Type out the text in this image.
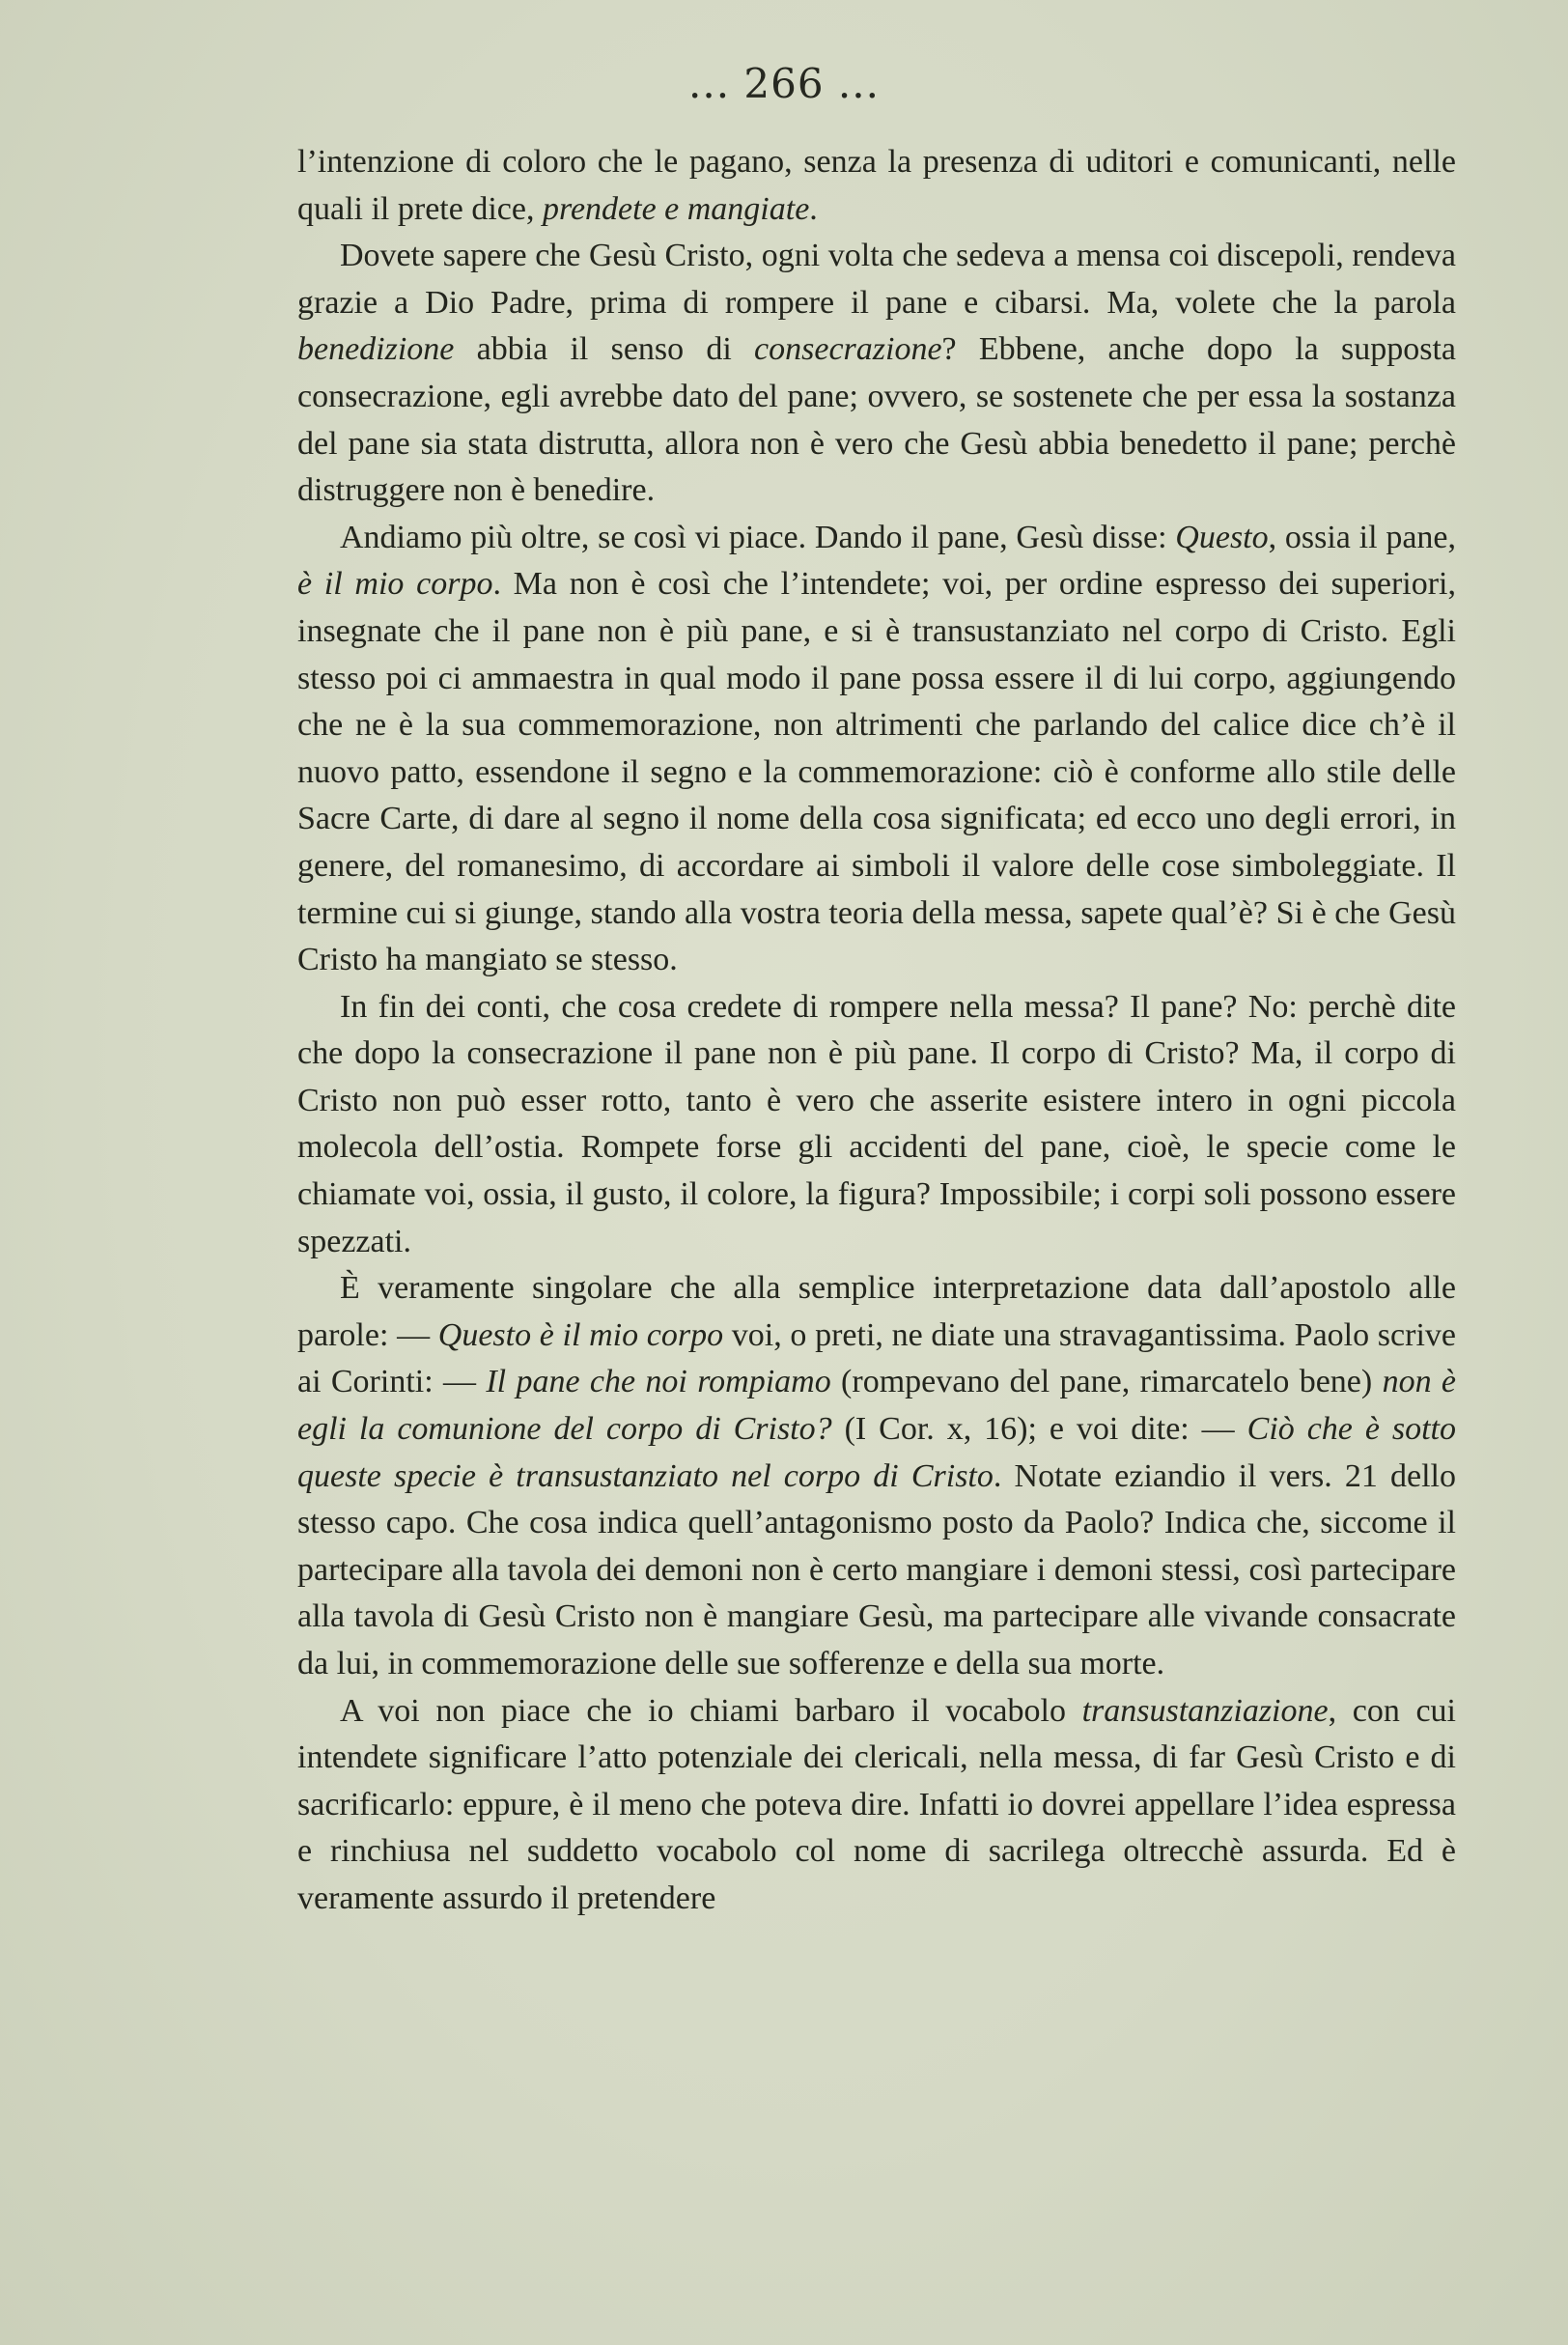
... 266 ...

l’intenzione di coloro che le pagano, senza la presenza di uditori e comunicanti, nelle quali il prete dice, prendete e mangiate.

Dovete sapere che Gesù Cristo, ogni volta che sedeva a mensa coi discepoli, rendeva grazie a Dio Padre, prima di rompere il pane e cibarsi. Ma, volete che la parola benedizione abbia il senso di consecrazione? Ebbene, anche dopo la supposta consecrazione, egli avrebbe dato del pane; ovvero, se sostenete che per essa la sostanza del pane sia stata distrutta, allora non è vero che Gesù abbia benedetto il pane; perchè distruggere non è benedire.

Andiamo più oltre, se così vi piace. Dando il pane, Gesù disse: Questo, ossia il pane, è il mio corpo. Ma non è così che l’intendete; voi, per ordine espresso dei superiori, insegnate che il pane non è più pane, e si è transustanziato nel corpo di Cristo. Egli stesso poi ci ammaestra in qual modo il pane possa essere il di lui corpo, aggiungendo che ne è la sua commemorazione, non altrimenti che parlando del calice dice ch’è il nuovo patto, essendone il segno e la commemorazione: ciò è conforme allo stile delle Sacre Carte, di dare al segno il nome della cosa significata; ed ecco uno degli errori, in genere, del romanesimo, di accordare ai simboli il valore delle cose simboleggiate. Il termine cui si giunge, stando alla vostra teoria della messa, sapete qual’è? Si è che Gesù Cristo ha mangiato se stesso.

In fin dei conti, che cosa credete di rompere nella messa? Il pane? No: perchè dite che dopo la consecrazione il pane non è più pane. Il corpo di Cristo? Ma, il corpo di Cristo non può esser rotto, tanto è vero che asserite esistere intero in ogni piccola molecola dell’ostia. Rompete forse gli accidenti del pane, cioè, le specie come le chiamate voi, ossia, il gusto, il colore, la figura? Impossibile; i corpi soli possono essere spezzati.

È veramente singolare che alla semplice interpretazione data dall’apostolo alle parole: — Questo è il mio corpo voi, o preti, ne diate una stravagantissima. Paolo scrive ai Corinti: — Il pane che noi rompiamo (rompevano del pane, rimarcatelo bene) non è egli la comunione del corpo di Cristo? (I Cor. x, 16); e voi dite: — Ciò che è sotto queste specie è transustanziato nel corpo di Cristo. Notate eziandio il vers. 21 dello stesso capo. Che cosa indica quell’antagonismo posto da Paolo? Indica che, siccome il partecipare alla tavola dei demoni non è certo mangiare i demoni stessi, così partecipare alla tavola di Gesù Cristo non è mangiare Gesù, ma partecipare alle vivande consacrate da lui, in commemorazione delle sue sofferenze e della sua morte.

A voi non piace che io chiami barbaro il vocabolo transustanziazione, con cui intendete significare l’atto potenziale dei clericali, nella messa, di far Gesù Cristo e di sacrificarlo: eppure, è il meno che poteva dire. Infatti io dovrei appellare l’idea espressa e rinchiusa nel suddetto vocabolo col nome di sacrilega oltrecchè assurda. Ed è veramente assurdo il pretendere
